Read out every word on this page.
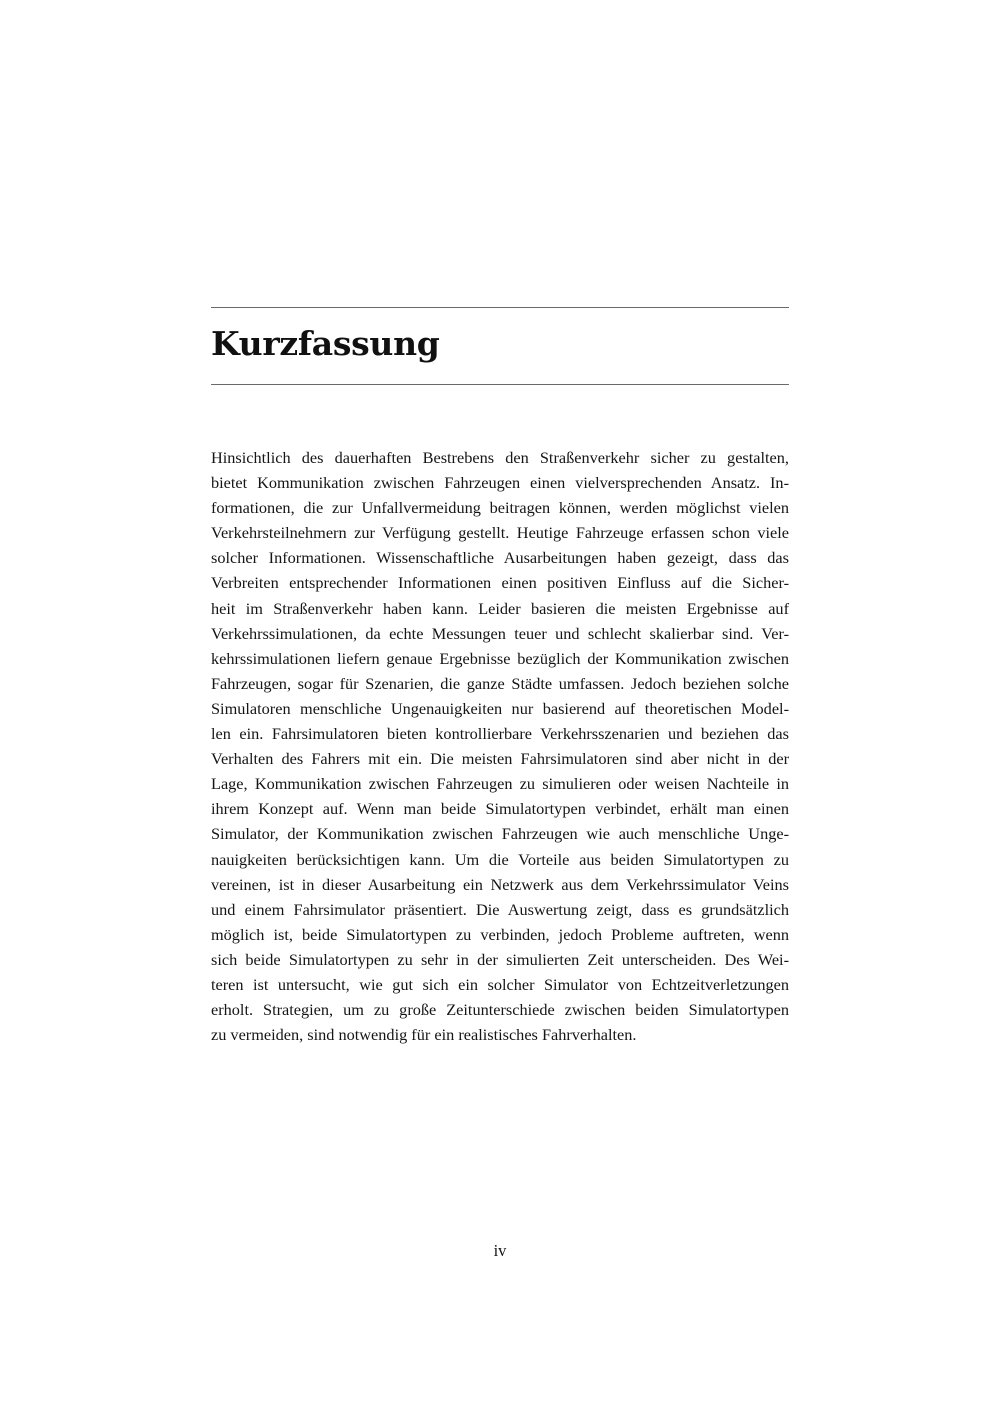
Kurzfassung
Hinsichtlich des dauerhaften Bestrebens den Straßenverkehr sicher zu gestalten,
bietet Kommunikation zwischen Fahrzeugen einen vielversprechenden Ansatz. In-
formationen, die zur Unfallvermeidung beitragen können, werden möglichst vielen
Verkehrsteilnehmern zur Verfügung gestellt. Heutige Fahrzeuge erfassen schon viele
solcher Informationen. Wissenschaftliche Ausarbeitungen haben gezeigt, dass das
Verbreiten entsprechender Informationen einen positiven Einfluss auf die Sicher-
heit im Straßenverkehr haben kann. Leider basieren die meisten Ergebnisse auf
Verkehrssimulationen, da echte Messungen teuer und schlecht skalierbar sind. Ver-
kehrssimulationen liefern genaue Ergebnisse bezüglich der Kommunikation zwischen
Fahrzeugen, sogar für Szenarien, die ganze Städte umfassen. Jedoch beziehen solche
Simulatoren menschliche Ungenauigkeiten nur basierend auf theoretischen Model-
len ein. Fahrsimulatoren bieten kontrollierbare Verkehrsszenarien und beziehen das
Verhalten des Fahrers mit ein. Die meisten Fahrsimulatoren sind aber nicht in der
Lage, Kommunikation zwischen Fahrzeugen zu simulieren oder weisen Nachteile in
ihrem Konzept auf. Wenn man beide Simulatortypen verbindet, erhält man einen
Simulator, der Kommunikation zwischen Fahrzeugen wie auch menschliche Unge-
nauigkeiten berücksichtigen kann. Um die Vorteile aus beiden Simulatortypen zu
vereinen, ist in dieser Ausarbeitung ein Netzwerk aus dem Verkehrssimulator Veins
und einem Fahrsimulator präsentiert. Die Auswertung zeigt, dass es grundsätzlich
möglich ist, beide Simulatortypen zu verbinden, jedoch Probleme auftreten, wenn
sich beide Simulatortypen zu sehr in der simulierten Zeit unterscheiden. Des Wei-
teren ist untersucht, wie gut sich ein solcher Simulator von Echtzeitverletzungen
erholt. Strategien, um zu große Zeitunterschiede zwischen beiden Simulatortypen
zu vermeiden, sind notwendig für ein realistisches Fahrverhalten.
iv
